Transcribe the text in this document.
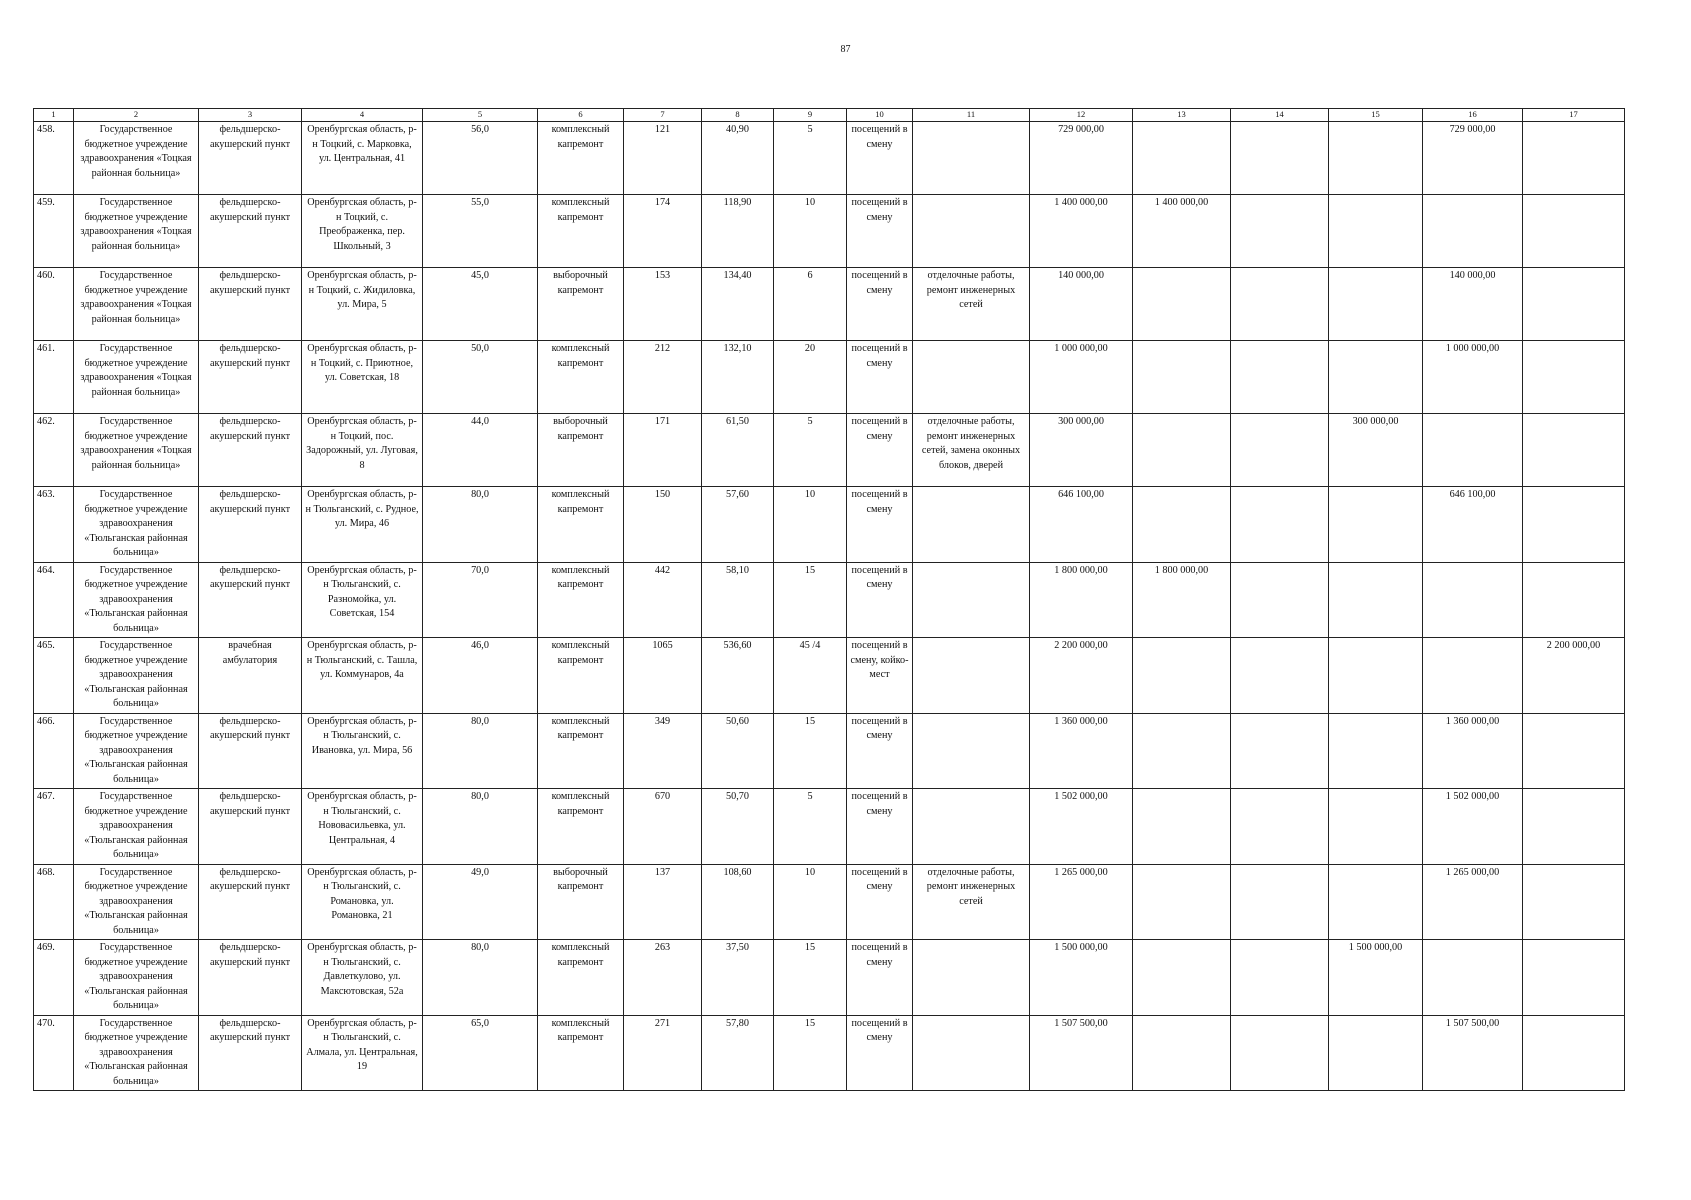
87
1	2	3	4	5	6	7	8	9	10	11	12	13	14	15	16	17
458.	Государственное бюджетное учреждение здравоохранения «Тоцкая районная больница»	фельдшерско-акушерский пункт	Оренбургская область, р-н Тоцкий, с. Марковка, ул. Центральная, 41	56,0	комплексный капремонт	121	40,90	5	посещений в смену		729 000,00				729 000,00	
459.	Государственное бюджетное учреждение здравоохранения «Тоцкая районная больница»	фельдшерско-акушерский пункт	Оренбургская область, р-н Тоцкий, с. Преображенка, пер. Школьный, 3	55,0	комплексный капремонт	174	118,90	10	посещений в смену		1 400 000,00	1 400 000,00				
460.	Государственное бюджетное учреждение здравоохранения «Тоцкая районная больница»	фельдшерско-акушерский пункт	Оренбургская область, р-н Тоцкий, с. Жидиловка, ул. Мира, 5	45,0	выборочный капремонт	153	134,40	6	посещений в смену	отделочные работы, ремонт инженерных сетей	140 000,00				140 000,00	
461.	Государственное бюджетное учреждение здравоохранения «Тоцкая районная больница»	фельдшерско-акушерский пункт	Оренбургская область, р-н Тоцкий, с. Приютное, ул. Советская, 18	50,0	комплексный капремонт	212	132,10	20	посещений в смену		1 000 000,00				1 000 000,00	
462.	Государственное бюджетное учреждение здравоохранения «Тоцкая районная больница»	фельдшерско-акушерский пункт	Оренбургская область, р-н Тоцкий, пос. Задорожный, ул. Луговая, 8	44,0	выборочный капремонт	171	61,50	5	посещений в смену	отделочные работы, ремонт инженерных сетей, замена оконных блоков, дверей	300 000,00			300 000,00		
463.	Государственное бюджетное учреждение здравоохранения «Тюльганская районная больница»	фельдшерско-акушерский пункт	Оренбургская область, р-н Тюльганский, с. Рудное, ул. Мира, 46	80,0	комплексный капремонт	150	57,60	10	посещений в смену		646 100,00				646 100,00	
464.	Государственное бюджетное учреждение здравоохранения «Тюльганская районная больница»	фельдшерско-акушерский пункт	Оренбургская область, р-н Тюльганский, с. Разномойка, ул. Советская, 154	70,0	комплексный капремонт	442	58,10	15	посещений в смену		1 800 000,00	1 800 000,00				
465.	Государственное бюджетное учреждение здравоохранения «Тюльганская районная больница»	врачебная амбулатория	Оренбургская область, р-н Тюльганский, с. Ташла, ул. Коммунаров, 4а	46,0	комплексный капремонт	1065	536,60	45 /4	посещений в смену, койко-мест		2 200 000,00					2 200 000,00
466.	Государственное бюджетное учреждение здравоохранения «Тюльганская районная больница»	фельдшерско-акушерский пункт	Оренбургская область, р-н Тюльганский, с. Ивановка, ул. Мира, 56	80,0	комплексный капремонт	349	50,60	15	посещений в смену		1 360 000,00				1 360 000,00	
467.	Государственное бюджетное учреждение здравоохранения «Тюльганская районная больница»	фельдшерско-акушерский пункт	Оренбургская область, р-н Тюльганский, с. Нововасильевка, ул. Центральная, 4	80,0	комплексный капремонт	670	50,70	5	посещений в смену		1 502 000,00				1 502 000,00	
468.	Государственное бюджетное учреждение здравоохранения «Тюльганская районная больница»	фельдшерско-акушерский пункт	Оренбургская область, р-н Тюльганский, с. Романовка, ул. Романовка, 21	49,0	выборочный капремонт	137	108,60	10	посещений в смену	отделочные работы, ремонт инженерных сетей	1 265 000,00				1 265 000,00	
469.	Государственное бюджетное учреждение здравоохранения «Тюльганская районная больница»	фельдшерско-акушерский пункт	Оренбургская область, р-н Тюльганский, с. Давлеткулово, ул. Максютовская, 52а	80,0	комплексный капремонт	263	37,50	15	посещений в смену		1 500 000,00			1 500 000,00		
470.	Государственное бюджетное учреждение здравоохранения «Тюльганская районная больница»	фельдшерско-акушерский пункт	Оренбургская область, р-н Тюльганский, с. Алмала, ул. Центральная, 19	65,0	комплексный капремонт	271	57,80	15	посещений в смену		1 507 500,00				1 507 500,00	
